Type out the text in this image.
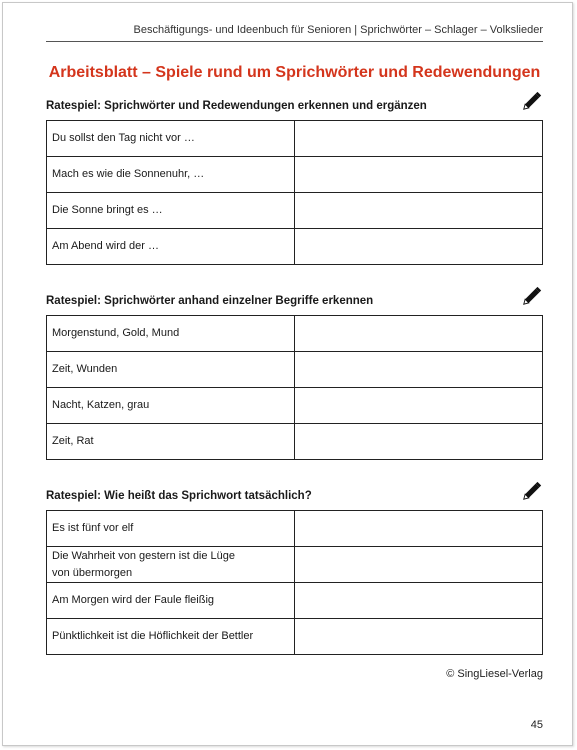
Beschäftigungs- und Ideenbuch für Senioren | Sprichwörter – Schlager – Volkslieder
Arbeitsblatt – Spiele rund um Sprichwörter und Redewendungen
Ratespiel: Sprichwörter und Redewendungen erkennen und ergänzen
Du sollst den Tag nicht vor …	
Mach es wie die Sonnenuhr, …	
Die Sonne bringt es …	
Am Abend wird der …	
Ratespiel: Sprichwörter anhand einzelner Begriffe erkennen
Morgenstund, Gold, Mund	
Zeit, Wunden	
Nacht, Katzen, grau	
Zeit, Rat	
Ratespiel: Wie heißt das Sprichwort tatsächlich?
Es ist fünf vor elf	
Die Wahrheit von gestern ist die Lüge
von übermorgen	
Am Morgen wird der Faule fleißig	
Pünktlichkeit ist die Höflichkeit der Bettler	
© SingLiesel-Verlag
45
